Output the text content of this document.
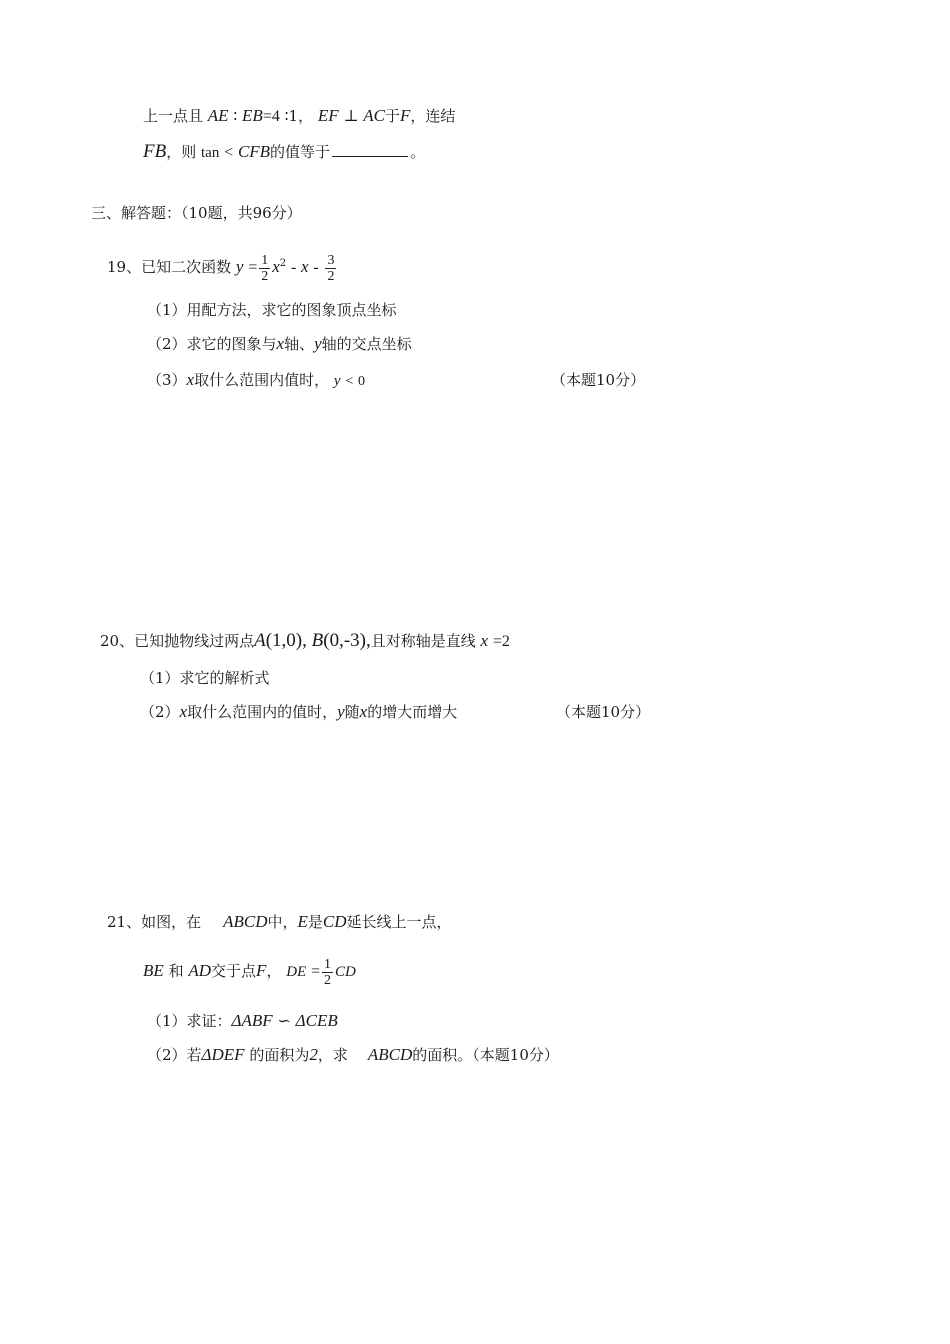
上一点且 AE ∶ EB=4 ∶1， EF ⊥ AC于F，连结
FB，则 tan < CFB的值等于	。
三、解答题：（10题，共96分）
19、已知二次函数 $y = \frac{1}{2} x^2 - x - \frac{3}{2}$
（1）用配方法，求它的图象顶点坐标
（2）求它的图象与x轴、y轴的交点坐标
（3）x取什么范围内值时， y < 0	（本题10分）
20、已知抛物线过两点A(1,0), B(0,-3),且对称轴是直线 x =2
（1）求它的解析式
（2）x取什么范围内的值时，y随x的增大而增大	（本题10分）
21、如图，在 ABCD中，E是CD延长线上一点，
BE 和 AD交于点F， DE = $\frac{1}{2}$ CD
（1）求证：ΔABF ∽ ΔCEB
（2）若ΔDEF 的面积为2，求 ABCD的面积。（本题10分）
